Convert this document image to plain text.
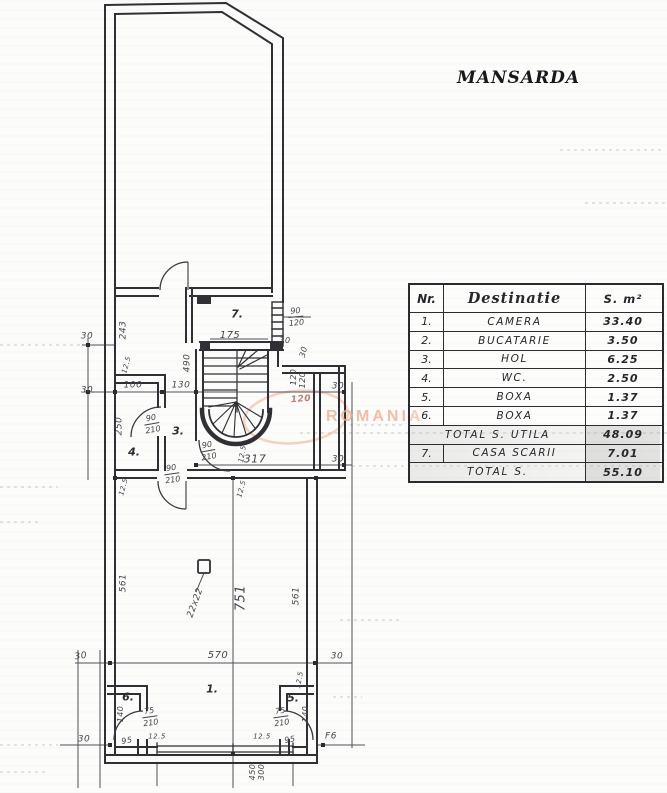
MANSARDA
ROMANIA
Nr.	Destinatie	S. m²
1.	CAMERA	33.40
2.	BUCATARIE	3.50
3.	HOL	6.25
4.	WC.	2.50
5.	BOXA	1.37
6.	BOXA	1.37
TOTAL S. UTILA	48.09
7.	CASA SCARII	7.01
TOTAL S.	55.10
243
12.5
30
30	100	130
175	30
490
30
120 120	30
120
250
317
12.5	30
12.5	12.5
561
751	561
22x22
570
30	30
140	140
95	95
12.5	12.5
12.5
30	F6
450 300
7.
3.
4.
1.
6.	5.
$\frac{90}{120}$
$\frac{90}{210}$
$\frac{90}{210}$
$\frac{90}{210}$
$\frac{75}{210}$	$\frac{75}{210}$
